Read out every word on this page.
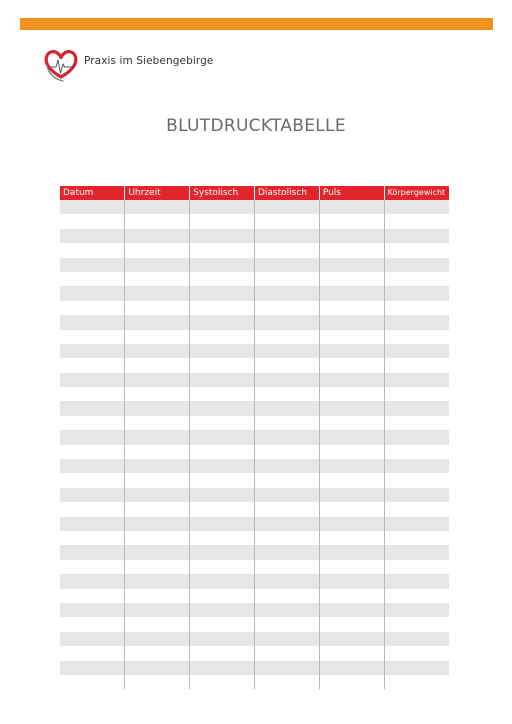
Praxis im Siebengebirge
BLUTDRUCKTABELLE
Datum	Uhrzeit	Systolisch	Diastolisch	Puls	Körpergewicht
